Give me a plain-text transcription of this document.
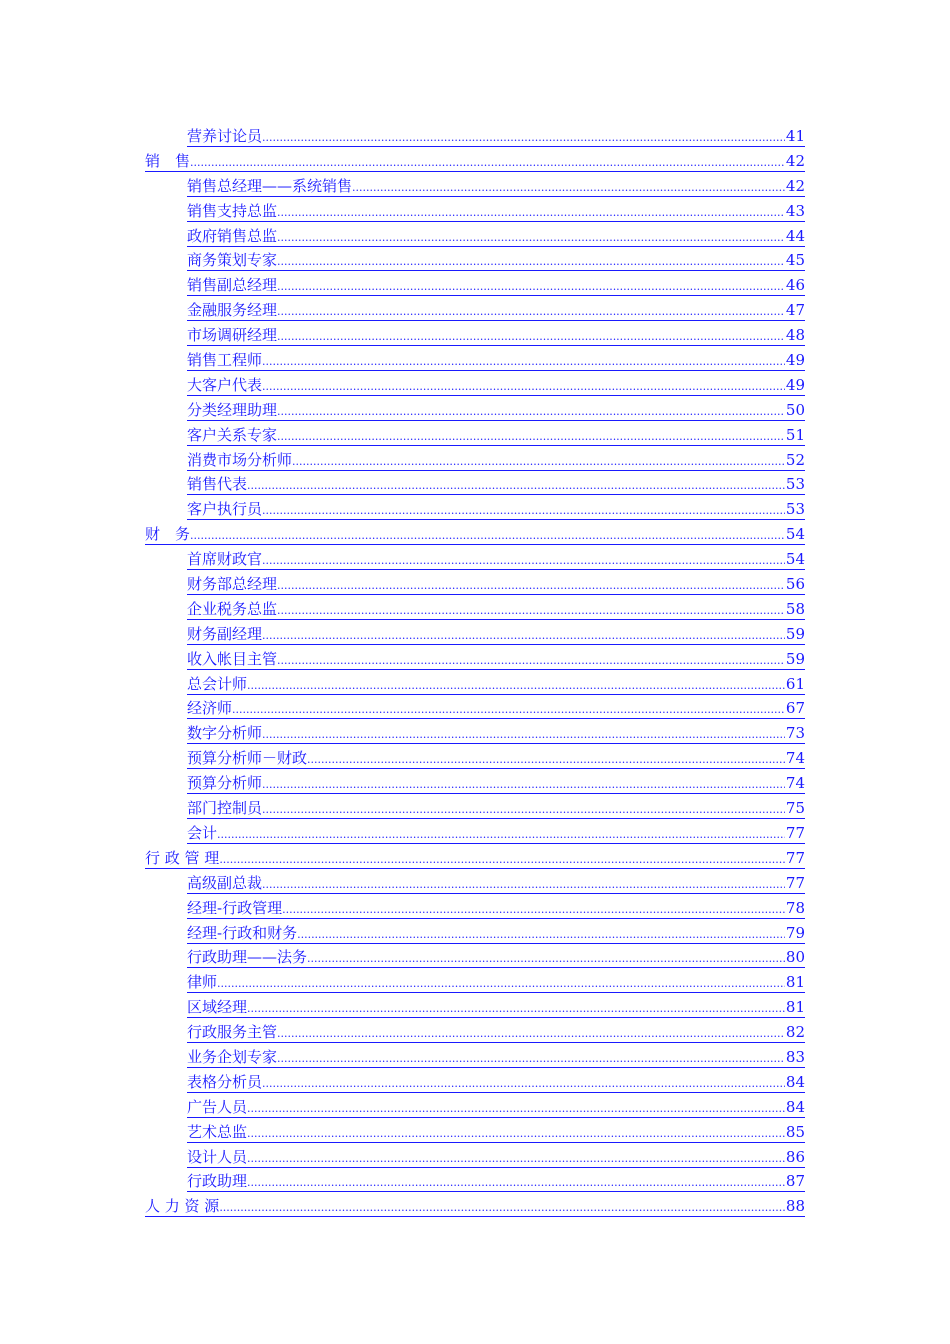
营养讨论员 .....	41
销　售 .....	42
销售总经理——系统销售 .....	42
销售支持总监 .....	43
政府销售总监 .....	44
商务策划专家 .....	45
销售副总经理 .....	46
金融服务经理 .....	47
市场调研经理 .....	48
销售工程师 .....	49
大客户代表 .....	49
分类经理助理 .....	50
客户关系专家 .....	51
消费市场分析师 .....	52
销售代表 .....	53
客户执行员 .....	53
财　务 .....	54
首席财政官 .....	54
财务部总经理 .....	56
企业税务总监 .....	58
财务副经理 .....	59
收入帐目主管 .....	59
总会计师 .....	61
经济师 .....	67
数字分析师 .....	73
预算分析师－财政 .....	74
预算分析师 .....	74
部门控制员 .....	75
会计 .....	77
行 政 管 理 .....	77
高级副总裁 .....	77
经理-行政管理 .....	78
经理-行政和财务 .....	79
行政助理——法务 .....	80
律师 .....	81
区域经理 .....	81
行政服务主管 .....	82
业务企划专家 .....	83
表格分析员 .....	84
广告人员 .....	84
艺术总监 .....	85
设计人员 .....	86
行政助理 .....	87
人 力 资 源 .....	88
